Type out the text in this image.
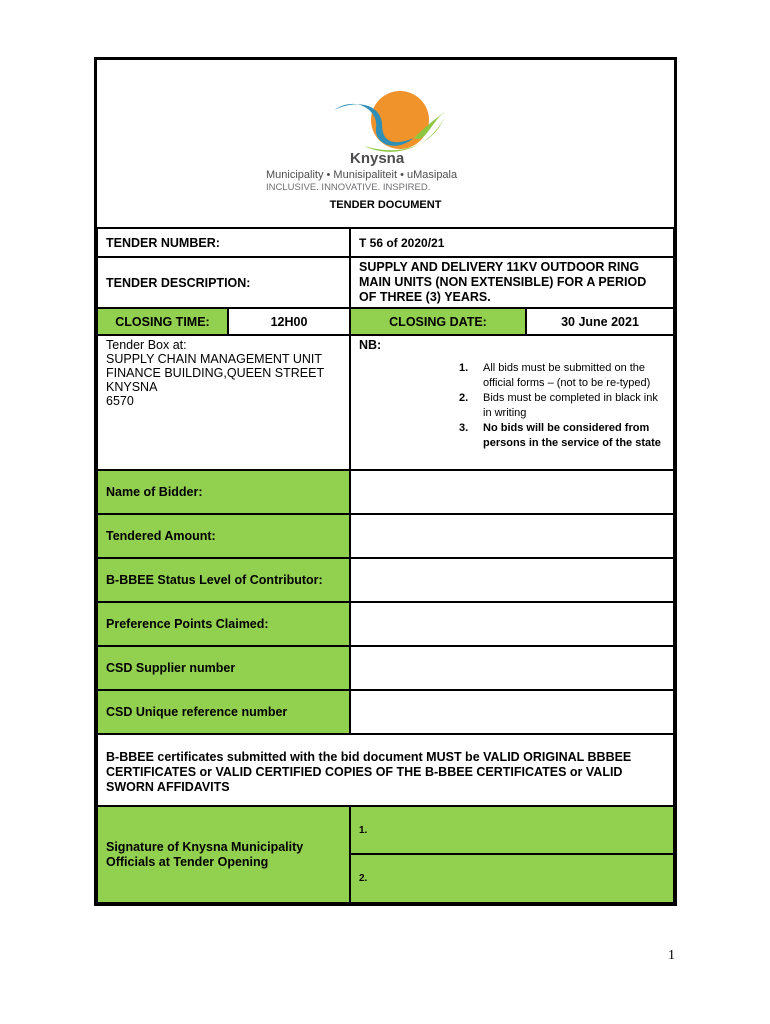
Knysna
Municipality • Munisipaliteit • uMasipala
INCLUSIVE. INNOVATIVE. INSPIRED.
TENDER DOCUMENT
TENDER NUMBER:	T 56 of 2020/21
TENDER DESCRIPTION:
SUPPLY AND DELIVERY 11KV OUTDOOR RING MAIN UNITS (NON EXTENSIBLE) FOR A PERIOD OF THREE (3) YEARS.
CLOSING TIME:	12H00	CLOSING DATE:	30 June 2021
Tender Box at:
SUPPLY CHAIN MANAGEMENT UNIT
FINANCE BUILDING,QUEEN STREET
KNYSNA
6570
NB:
1.	All bids must be submitted on the official forms – (not to be re-typed)
2.	Bids must be completed in black ink in writing
3.	No bids will be considered from persons in the service of the state
Name of Bidder:
Tendered Amount:
B-BBEE Status Level of Contributor:
Preference Points Claimed:
CSD Supplier number
CSD Unique reference number
B-BBEE certificates submitted with the bid document MUST be VALID ORIGINAL BBBEE CERTIFICATES or VALID CERTIFIED COPIES OF THE B-BBEE CERTIFICATES or VALID SWORN AFFIDAVITS
Signature of Knysna Municipality Officials at Tender Opening
1.
2.
1
